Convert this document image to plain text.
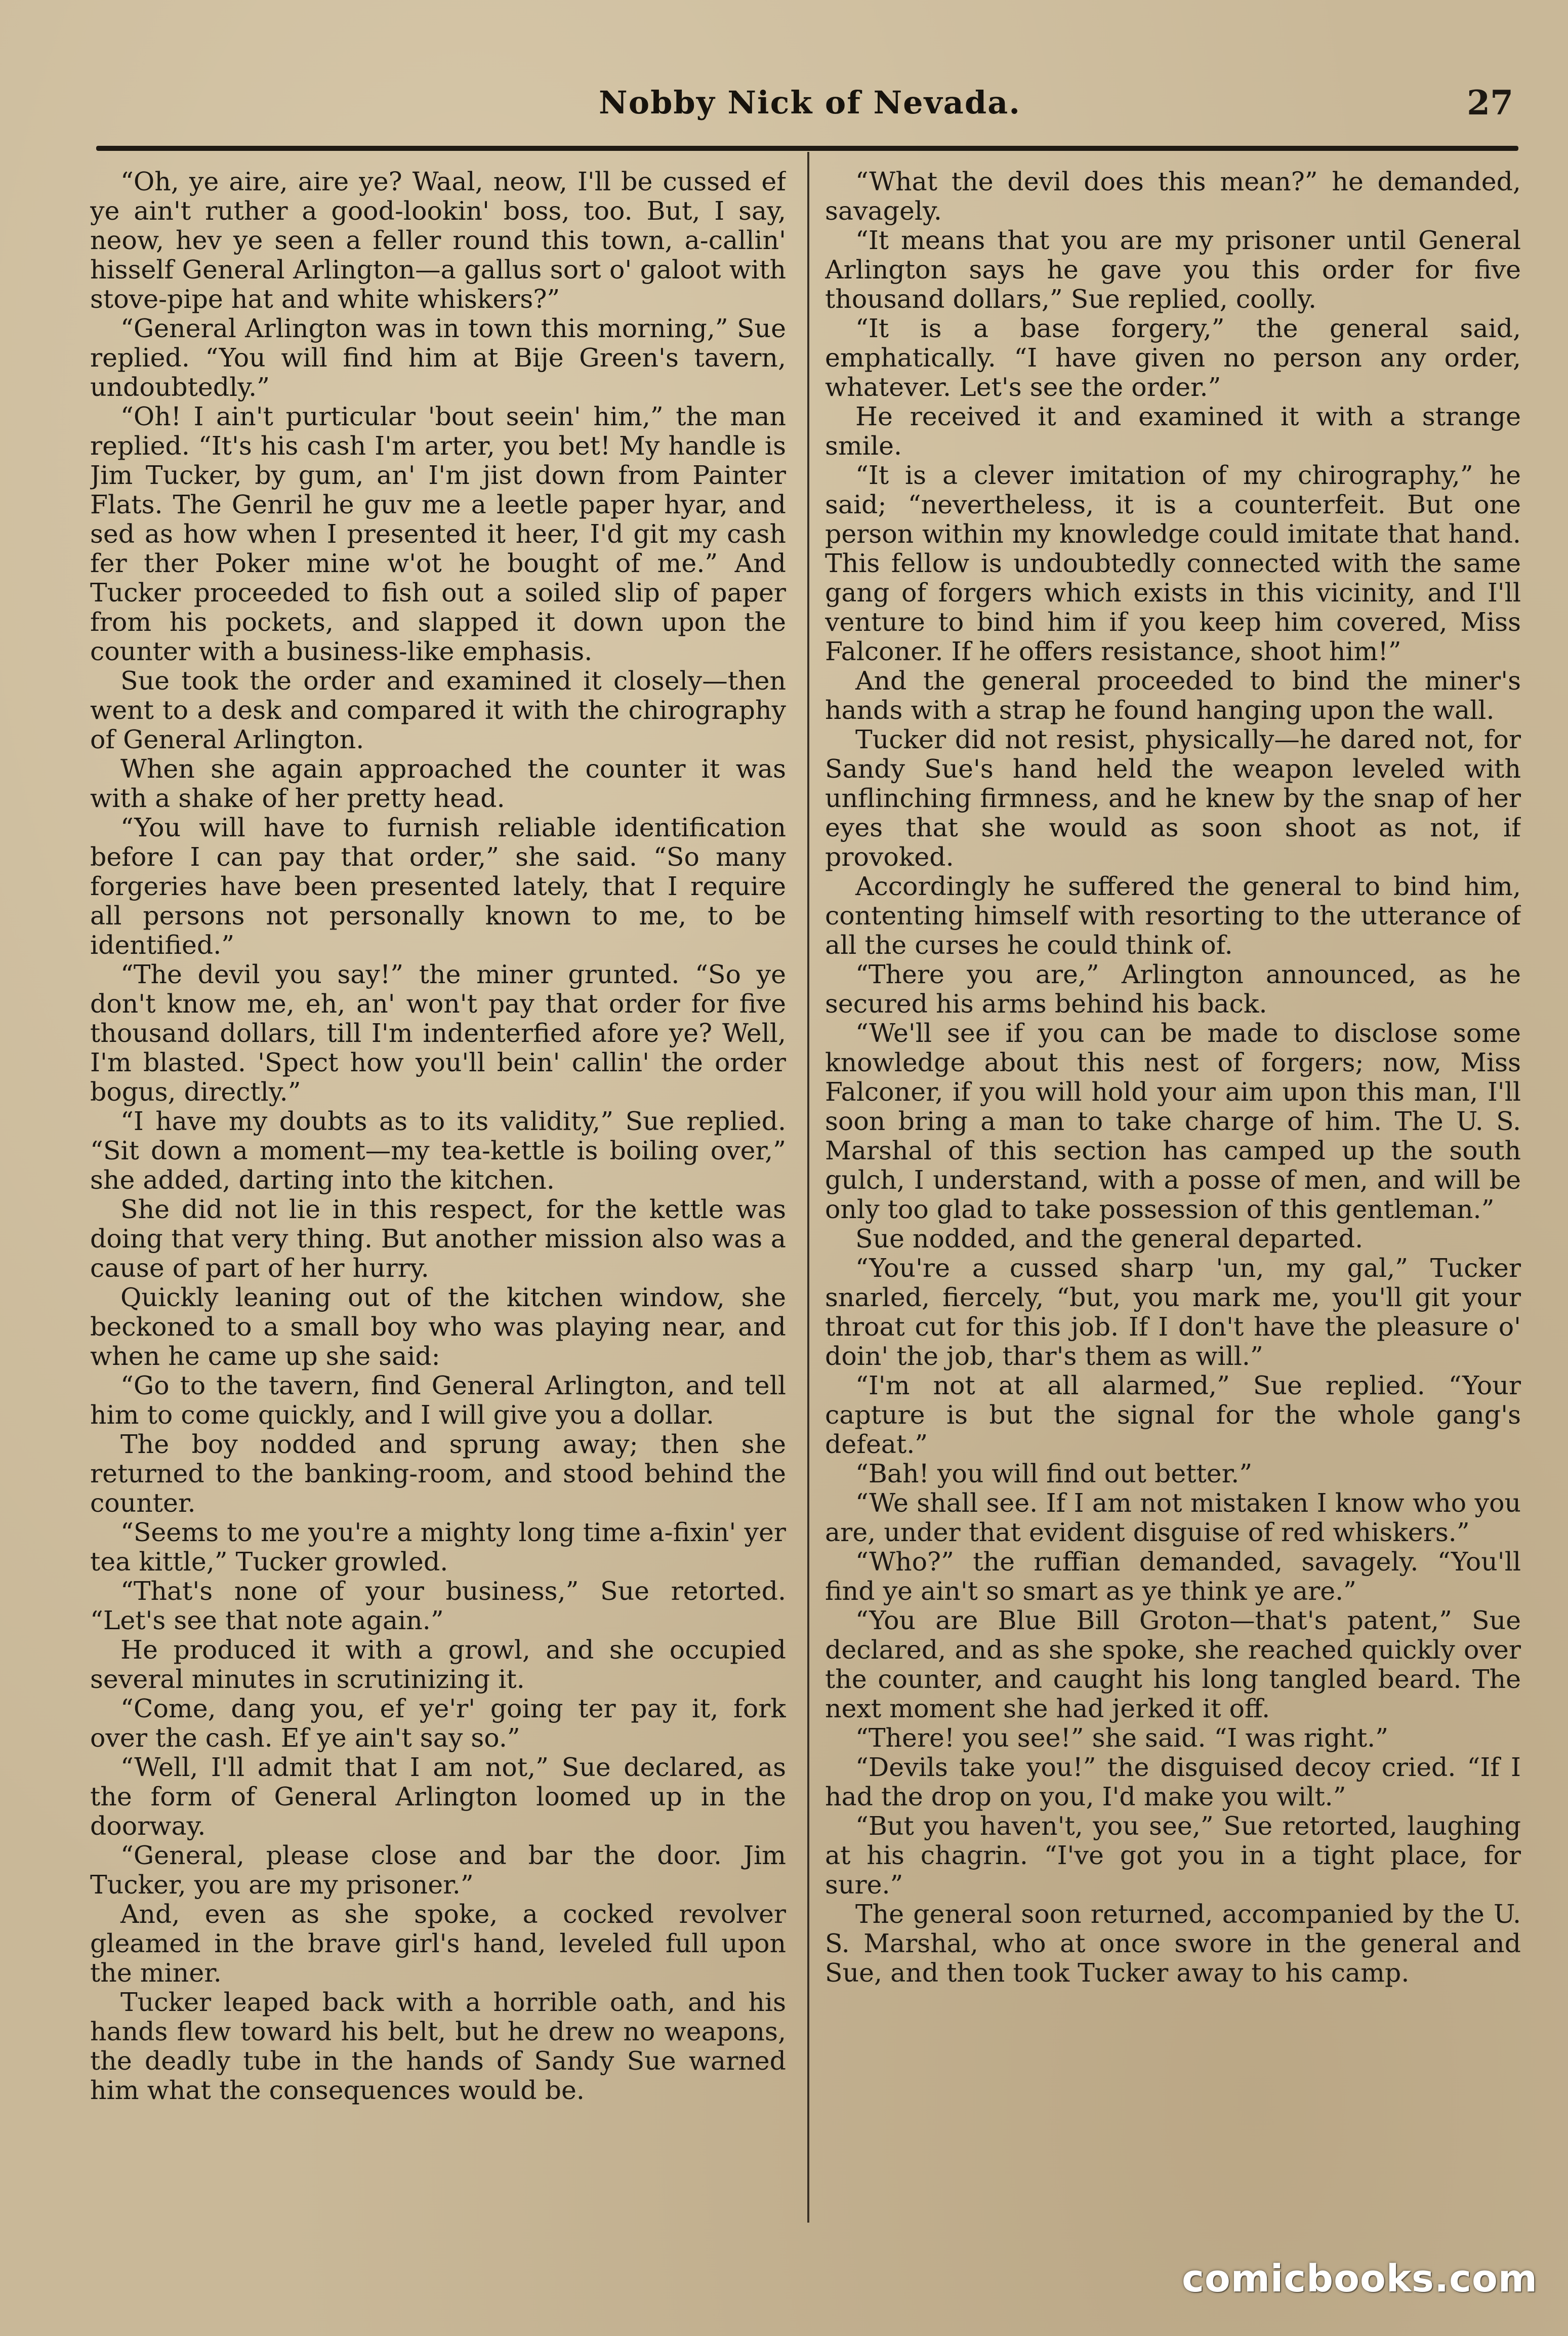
Nobby Nick of Nevada.	27

“Oh, ye aire, aire ye? Waal, neow, I'll be cussed ef ye ain't ruther a good-lookin' boss, too. But, I say, neow, hev ye seen a feller round this town, a-callin' hisself General Arlington—a gallus sort o' galoot with stove-pipe hat and white whiskers?”

“General Arlington was in town this morning,” Sue replied. “You will find him at Bije Green's tavern, undoubtedly.”

“Oh! I ain't purticular 'bout seein' him,” the man replied. “It's his cash I'm arter, you bet! My handle is Jim Tucker, by gum, an' I'm jist down from Painter Flats. The Genril he guv me a leetle paper hyar, and sed as how when I presented it heer, I'd git my cash fer ther Poker mine w'ot he bought of me.” And Tucker proceeded to fish out a soiled slip of paper from his pockets, and slapped it down upon the counter with a business-like emphasis.

Sue took the order and examined it closely—then went to a desk and compared it with the chirography of General Arlington.

When she again approached the counter it was with a shake of her pretty head.

“You will have to furnish reliable identification before I can pay that order,” she said. “So many forgeries have been presented lately, that I require all persons not personally known to me, to be identified.”

“The devil you say!” the miner grunted. “So ye don't know me, eh, an' won't pay that order for five thousand dollars, till I'm indenterfied afore ye? Well, I'm blasted. 'Spect how you'll bein' callin' the order bogus, directly.”

“I have my doubts as to its validity,” Sue replied. “Sit down a moment—my tea-kettle is boiling over,” she added, darting into the kitchen.

She did not lie in this respect, for the kettle was doing that very thing. But another mission also was a cause of part of her hurry.

Quickly leaning out of the kitchen window, she beckoned to a small boy who was playing near, and when he came up she said:

“Go to the tavern, find General Arlington, and tell him to come quickly, and I will give you a dollar.

The boy nodded and sprung away; then she returned to the banking-room, and stood behind the counter.

“Seems to me you're a mighty long time a-fixin' yer tea kittle,” Tucker growled.

“That's none of your business,” Sue retorted. “Let's see that note again.”

He produced it with a growl, and she occupied several minutes in scrutinizing it.

“Come, dang you, ef ye'r' going ter pay it, fork over the cash. Ef ye ain't say so.”

“Well, I'll admit that I am not,” Sue declared, as the form of General Arlington loomed up in the doorway.

“General, please close and bar the door. Jim Tucker, you are my prisoner.”

And, even as she spoke, a cocked revolver gleamed in the brave girl's hand, leveled full upon the miner.

Tucker leaped back with a horrible oath, and his hands flew toward his belt, but he drew no weapons, the deadly tube in the hands of Sandy Sue warned him what the consequences would be.

“What the devil does this mean?” he demanded, savagely.

“It means that you are my prisoner until General Arlington says he gave you this order for five thousand dollars,” Sue replied, coolly.

“It is a base forgery,” the general said, emphatically. “I have given no person any order, whatever. Let's see the order.”

He received it and examined it with a strange smile.

“It is a clever imitation of my chirography,” he said; “nevertheless, it is a counterfeit. But one person within my knowledge could imitate that hand. This fellow is undoubtedly connected with the same gang of forgers which exists in this vicinity, and I'll venture to bind him if you keep him covered, Miss Falconer. If he offers resistance, shoot him!”

And the general proceeded to bind the miner's hands with a strap he found hanging upon the wall.

Tucker did not resist, physically—he dared not, for Sandy Sue's hand held the weapon leveled with unflinching firmness, and he knew by the snap of her eyes that she would as soon shoot as not, if provoked.

Accordingly he suffered the general to bind him, contenting himself with resorting to the utterance of all the curses he could think of.

“There you are,” Arlington announced, as he secured his arms behind his back.

“We'll see if you can be made to disclose some knowledge about this nest of forgers; now, Miss Falconer, if you will hold your aim upon this man, I'll soon bring a man to take charge of him. The U. S. Marshal of this section has camped up the south gulch, I understand, with a posse of men, and will be only too glad to take possession of this gentleman.”

Sue nodded, and the general departed.

“You're a cussed sharp 'un, my gal,” Tucker snarled, fiercely, “but, you mark me, you'll git your throat cut for this job. If I don't have the pleasure o' doin' the job, thar's them as will.”

“I'm not at all alarmed,” Sue replied. “Your capture is but the signal for the whole gang's defeat.”

“Bah! you will find out better.”

“We shall see. If I am not mistaken I know who you are, under that evident disguise of red whiskers.”

“Who?” the ruffian demanded, savagely. “You'll find ye ain't so smart as ye think ye are.”

“You are Blue Bill Groton—that's patent,” Sue declared, and as she spoke, she reached quickly over the counter, and caught his long tangled beard. The next moment she had jerked it off.

“There! you see!” she said. “I was right.”

“Devils take you!” the disguised decoy cried. “If I had the drop on you, I'd make you wilt.”

“But you haven't, you see,” Sue retorted, laughing at his chagrin. “I've got you in a tight place, for sure.”

The general soon returned, accompanied by the U. S. Marshal, who at once swore in the general and Sue, and then took Tucker away to his camp.

comicbooks.com
